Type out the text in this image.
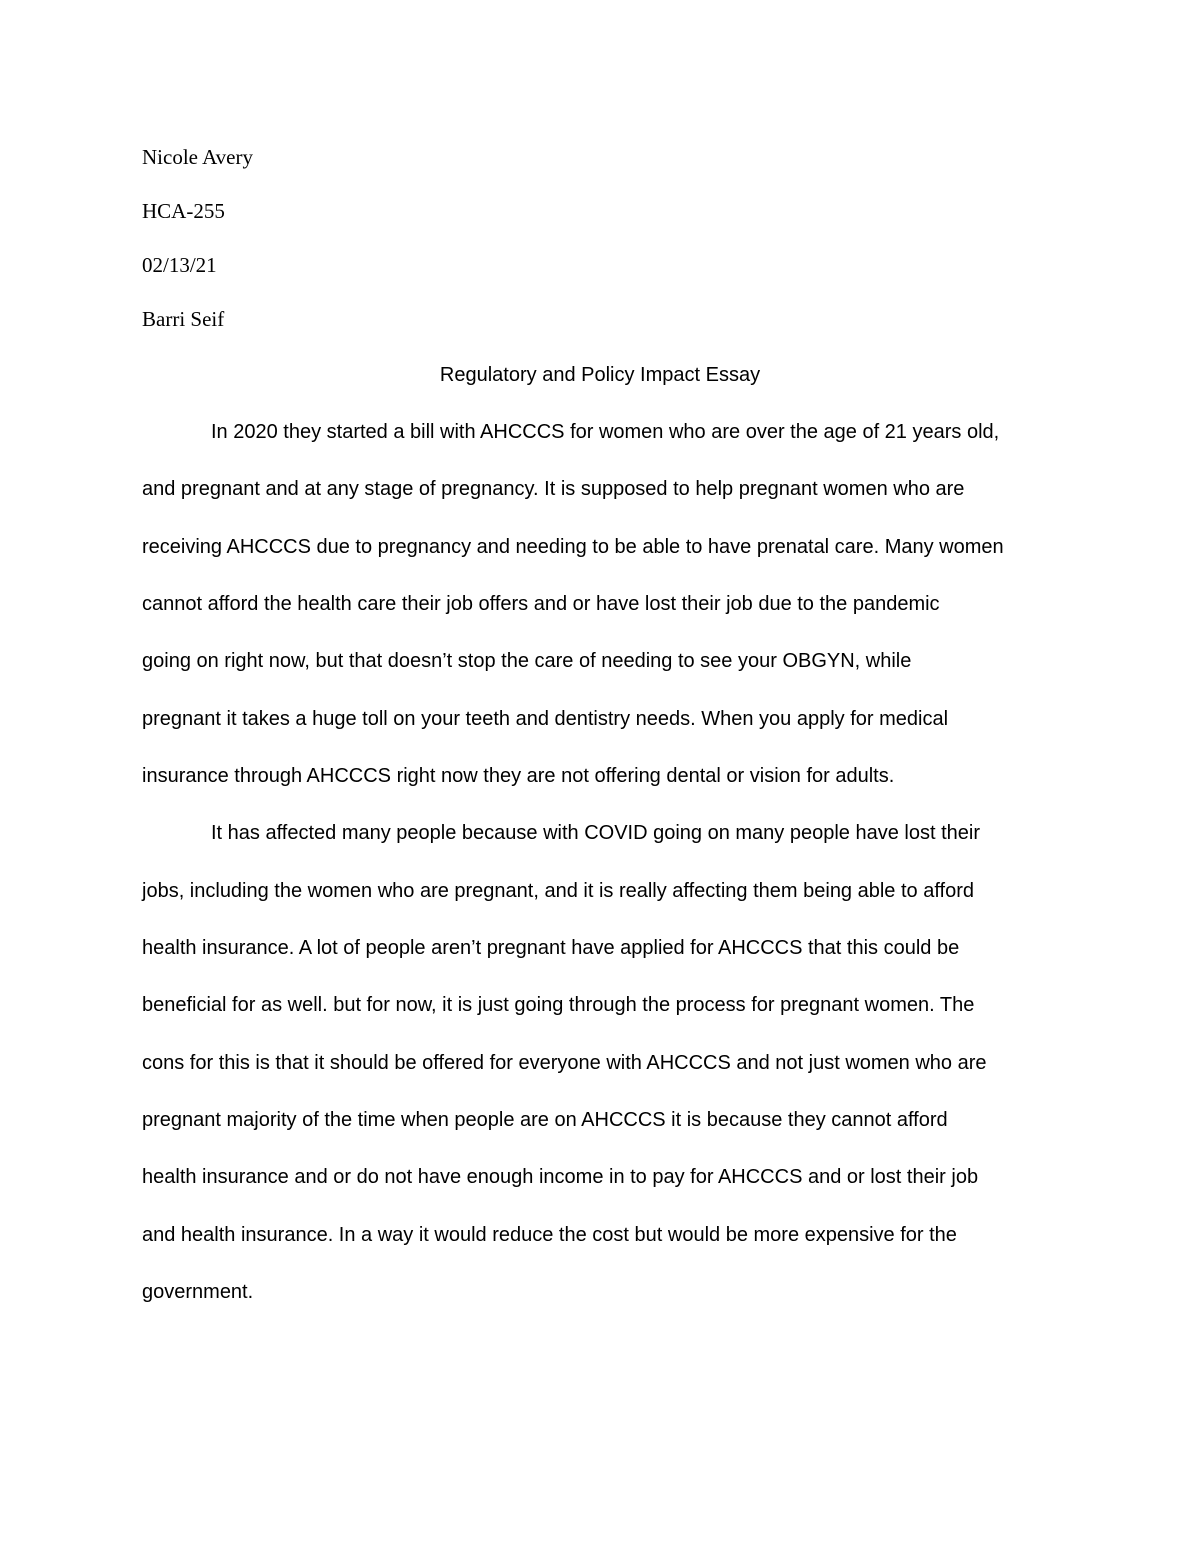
Nicole Avery
HCA-255
02/13/21
Barri Seif
Regulatory and Policy Impact Essay
In 2020 they started a bill with AHCCCS for women who are over the age of 21 years old,
and pregnant and at any stage of pregnancy. It is supposed to help pregnant women who are
receiving AHCCCS due to pregnancy and needing to be able to have prenatal care. Many women
cannot afford the health care their job offers and or have lost their job due to the pandemic
going on right now, but that doesn’t stop the care of needing to see your OBGYN, while
pregnant it takes a huge toll on your teeth and dentistry needs. When you apply for medical
insurance through AHCCCS right now they are not offering dental or vision for adults.
It has affected many people because with COVID going on many people have lost their
jobs, including the women who are pregnant, and it is really affecting them being able to afford
health insurance. A lot of people aren’t pregnant have applied for AHCCCS that this could be
beneficial for as well. but for now, it is just going through the process for pregnant women. The
cons for this is that it should be offered for everyone with AHCCCS and not just women who are
pregnant majority of the time when people are on AHCCCS it is because they cannot afford
health insurance and or do not have enough income in to pay for AHCCCS and or lost their job
and health insurance. In a way it would reduce the cost but would be more expensive for the
government.
